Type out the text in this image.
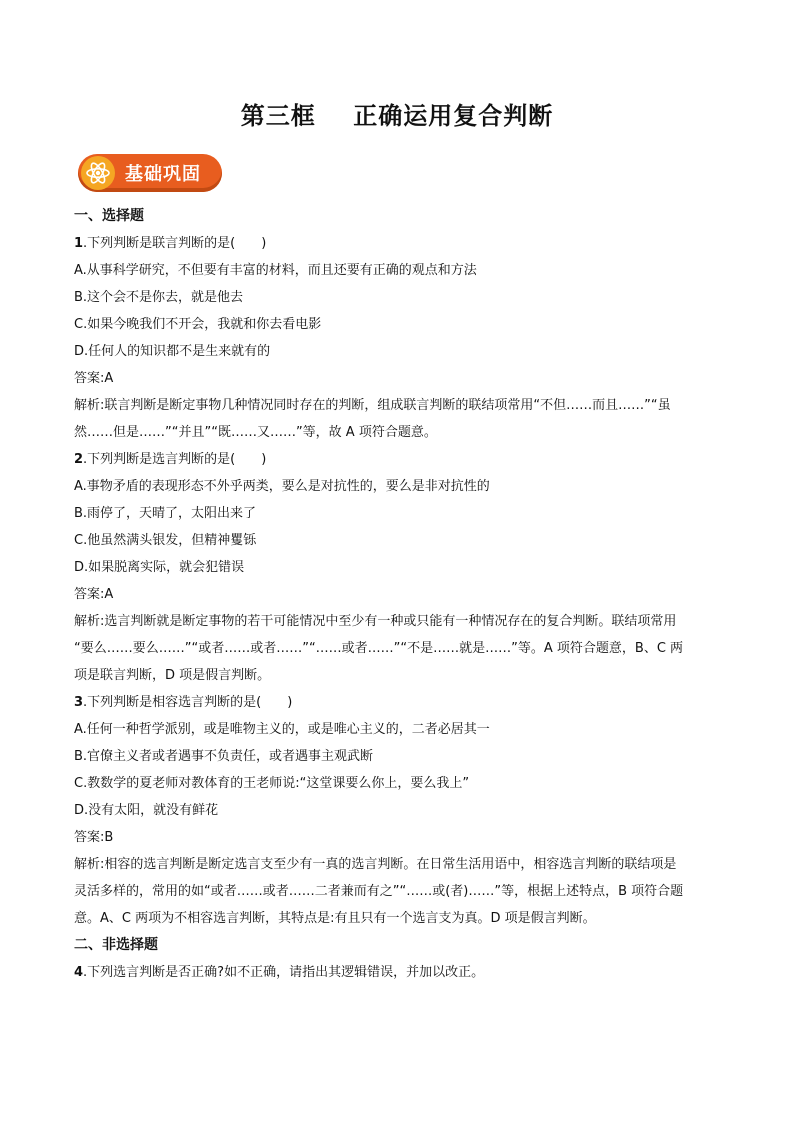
第三框    正确运用复合判断
基础巩固

一、选择题

1.下列判断是联言判断的是(　　)

A.从事科学研究，不但要有丰富的材料，而且还要有正确的观点和方法

B.这个会不是你去，就是他去

C.如果今晚我们不开会，我就和你去看电影

D.任何人的知识都不是生来就有的

答案:A

解析:联言判断是断定事物几种情况同时存在的判断，组成联言判断的联结项常用“不但……而且……”“虽

然……但是……”“并且”“既……又……”等，故 A 项符合题意。

2.下列判断是选言判断的是(　　)

A.事物矛盾的表现形态不外乎两类，要么是对抗性的，要么是非对抗性的

B.雨停了，天晴了，太阳出来了

C.他虽然满头银发，但精神矍铄

D.如果脱离实际，就会犯错误

答案:A

解析:选言判断就是断定事物的若干可能情况中至少有一种或只能有一种情况存在的复合判断。联结项常用

“要么……要么……”“或者……或者……”“……或者……”“不是……就是……”等。A 项符合题意，B、C 两

项是联言判断，D 项是假言判断。

3.下列判断是相容选言判断的是(　　)

A.任何一种哲学派别，或是唯物主义的，或是唯心主义的，二者必居其一

B.官僚主义者或者遇事不负责任，或者遇事主观武断

C.教数学的夏老师对教体育的王老师说:“这堂课要么你上，要么我上”

D.没有太阳，就没有鲜花

答案:B

解析:相容的选言判断是断定选言支至少有一真的选言判断。在日常生活用语中，相容选言判断的联结项是

灵活多样的，常用的如“或者……或者……二者兼而有之”“……或(者)……”等，根据上述特点，B 项符合题

意。A、C 两项为不相容选言判断，其特点是:有且只有一个选言支为真。D 项是假言判断。

二、非选择题

4.下列选言判断是否正确?如不正确，请指出其逻辑错误，并加以改正。
